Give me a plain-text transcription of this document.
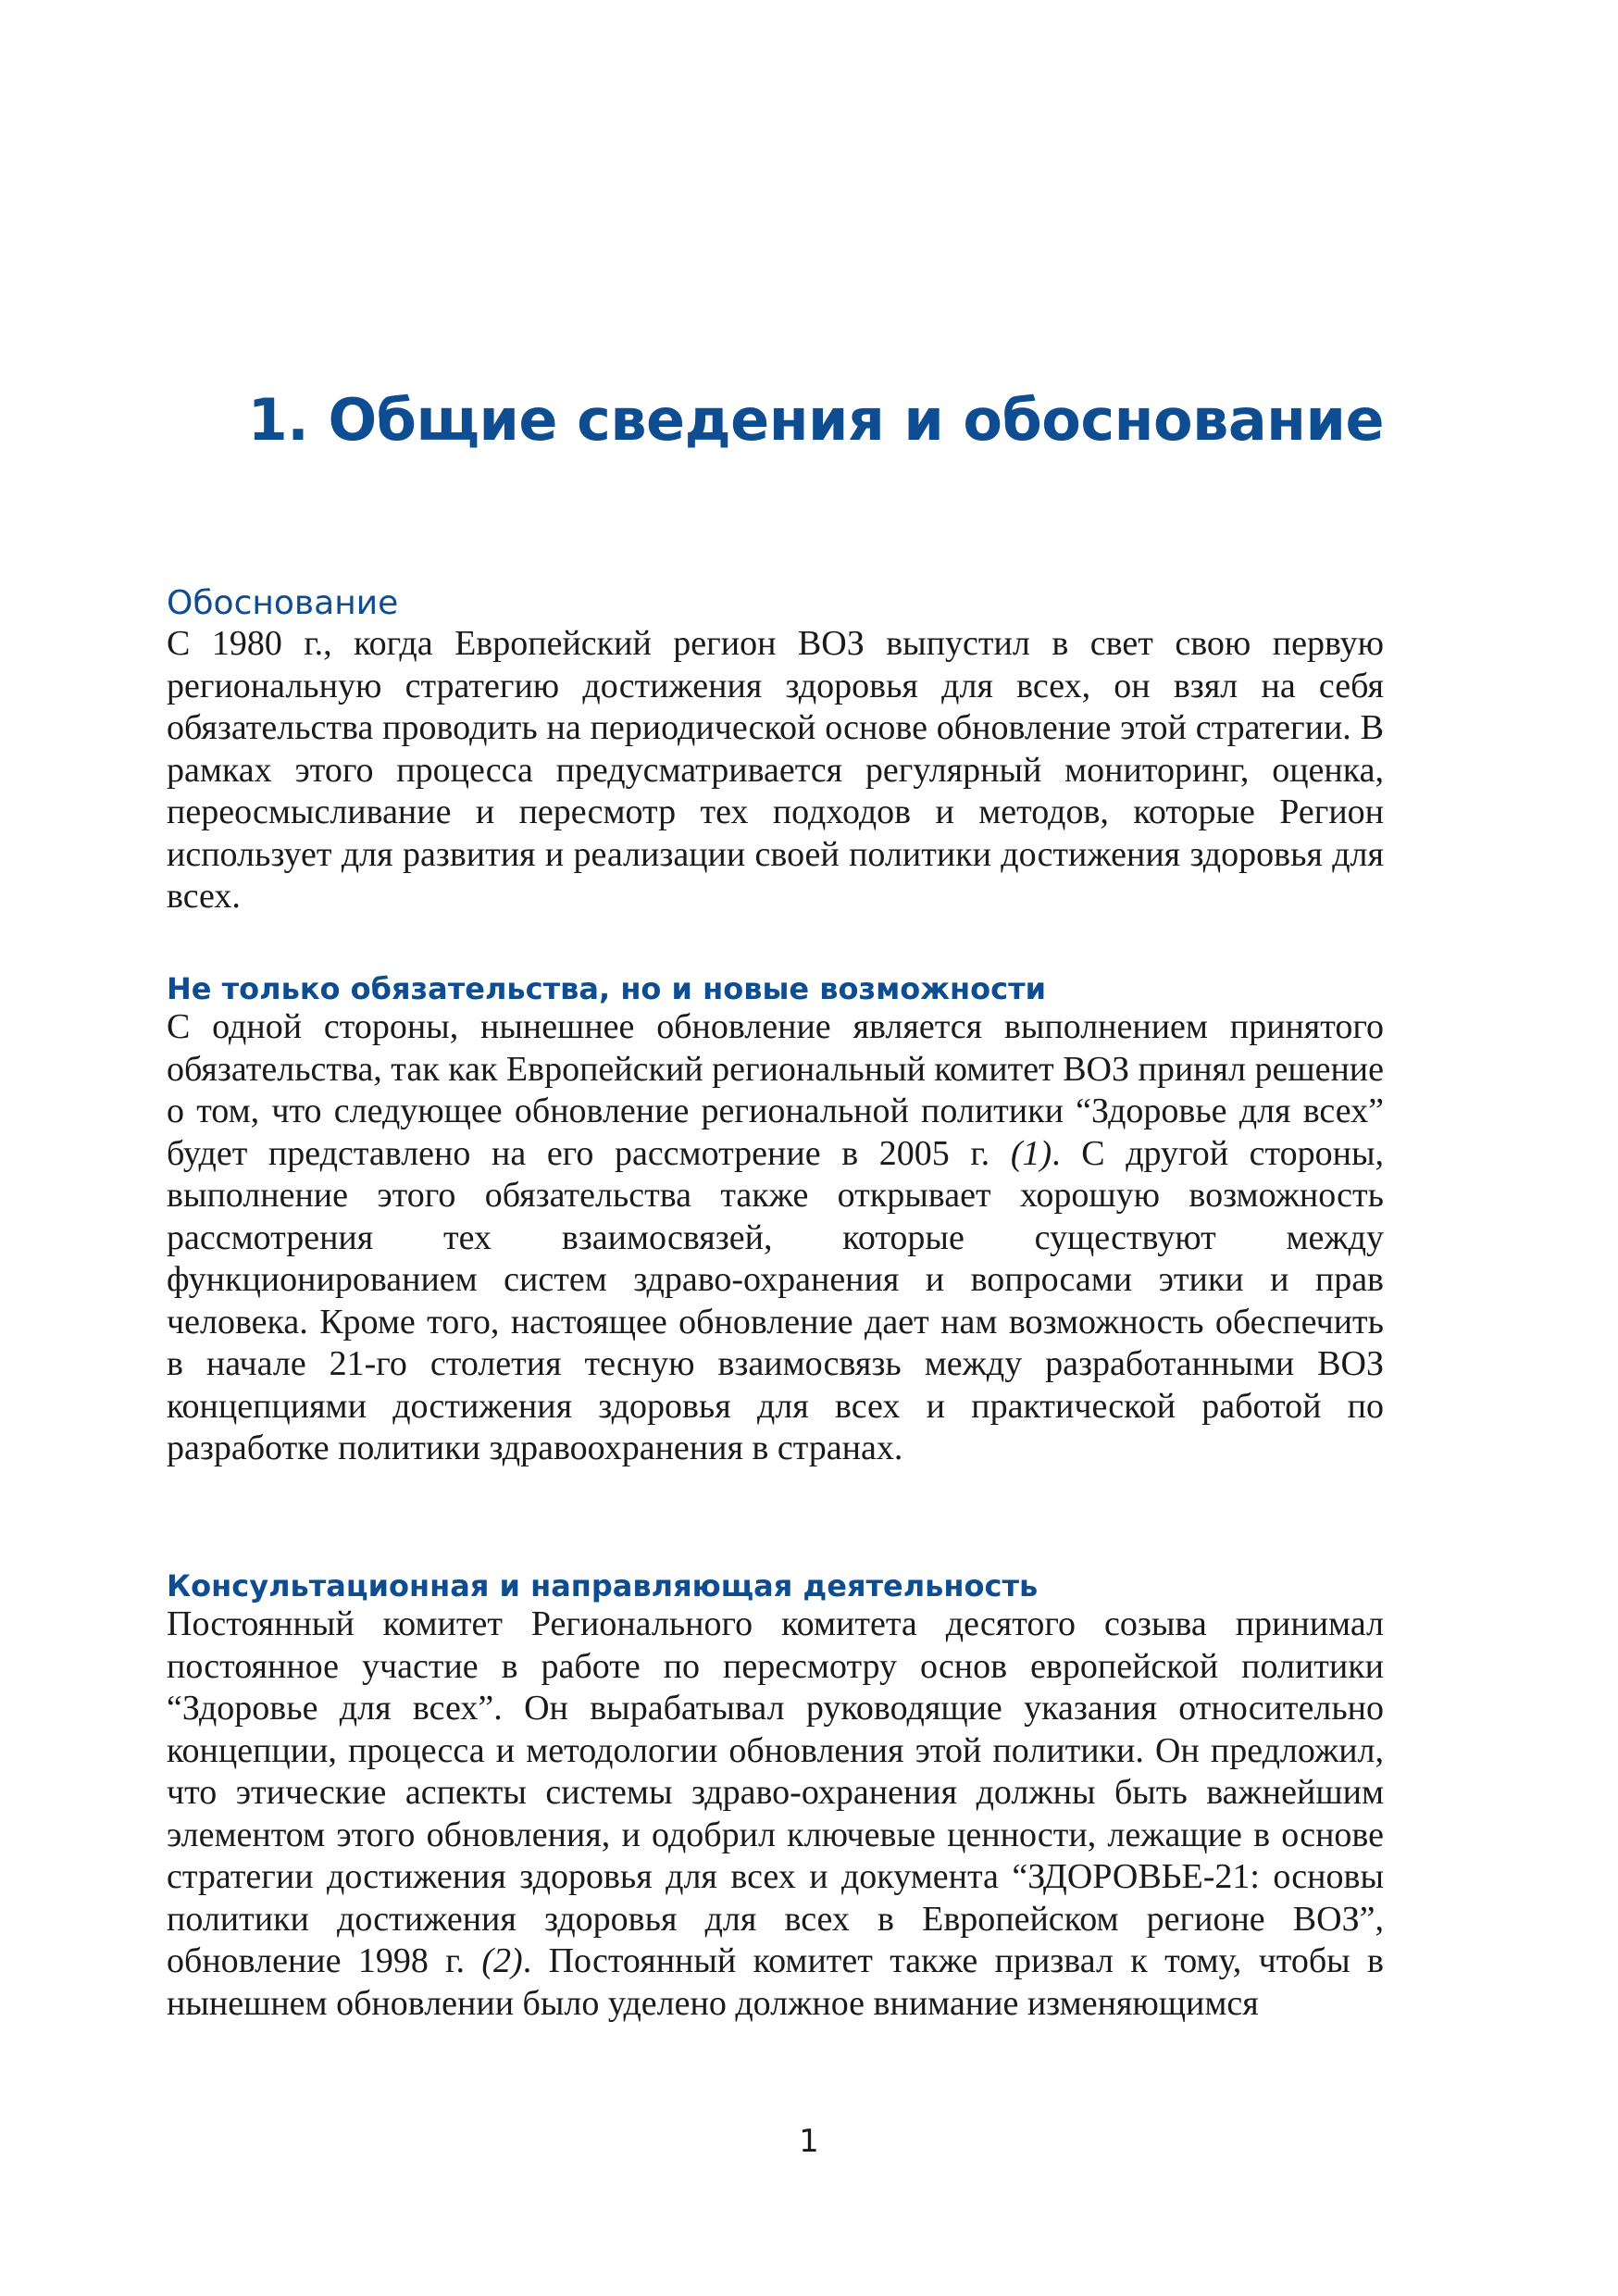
1. Общие сведения и обоснование
Обоснование

С 1980 г., когда Европейский регион ВОЗ выпустил в свет свою первую региональную стратегию достижения здоровья для всех, он взял на себя обязательства проводить на периодической основе обновление этой стратегии. В рамках этого процесса предусматривается регулярный мониторинг, оценка, переосмысливание и пересмотр тех подходов и методов, которые Регион использует для развития и реализации своей политики достижения здоровья для всех.

Не только обязательства, но и новые возможности

С одной стороны, нынешнее обновление является выполнением принятого обязательства, так как Европейский региональный комитет ВОЗ принял решение о том, что следующее обновление региональной политики “Здоровье для всех” будет представлено на его рассмотрение в 2005 г. (1). С другой стороны, выполнение этого обязательства также открывает хорошую возможность рассмотрения тех взаимосвязей, которые существуют между функционированием систем здраво-охранения и вопросами этики и прав человека. Кроме того, настоящее обновление дает нам возможность обеспечить в начале 21-го столетия тесную взаимосвязь между разработанными ВОЗ концепциями достижения здоровья для всех и практической работой по разработке политики здравоохранения в странах.

Консультационная и направляющая деятельность

Постоянный комитет Регионального комитета десятого созыва принимал постоянное участие в работе по пересмотру основ европейской политики “Здоровье для всех”. Он вырабатывал руководящие указания относительно концепции, процесса и методологии обновления этой политики. Он предложил, что этические аспекты системы здраво-охранения должны быть важнейшим элементом этого обновления, и одобрил ключевые ценности, лежащие в основе стратегии достижения здоровья для всех и документа “ЗДОРОВЬЕ-21: основы политики достижения здоровья для всех в Европейском регионе ВОЗ”, обновление 1998 г. (2). Постоянный комитет также призвал к тому, чтобы в нынешнем обновлении было уделено должное внимание изменяющимся

1
